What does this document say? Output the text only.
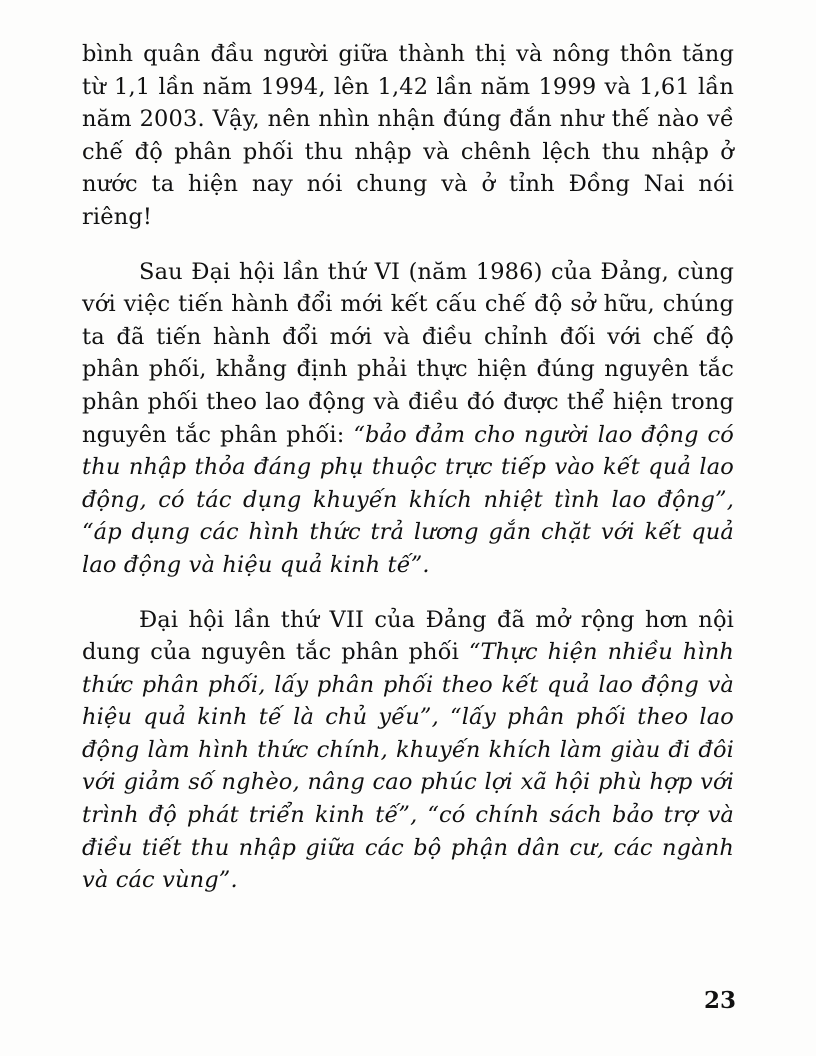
bình quân đầu người giữa thành thị và nông thôn tăng từ 1,1 lần năm 1994, lên 1,42 lần năm 1999 và 1,61 lần năm 2003. Vậy, nên nhìn nhận đúng đắn như thế nào về chế độ phân phối thu nhập và chênh lệch thu nhập ở nước ta hiện nay nói chung và ở tỉnh Đồng Nai nói riêng!

Sau Đại hội lần thứ VI (năm 1986) của Đảng, cùng với việc tiến hành đổi mới kết cấu chế độ sở hữu, chúng ta đã tiến hành đổi mới và điều chỉnh đối với chế độ phân phối, khẳng định phải thực hiện đúng nguyên tắc phân phối theo lao động và điều đó được thể hiện trong nguyên tắc phân phối: “bảo đảm cho người lao động có thu nhập thỏa đáng phụ thuộc trực tiếp vào kết quả lao động, có tác dụng khuyến khích nhiệt tình lao động”, “áp dụng các hình thức trả lương gắn chặt với kết quả lao động và hiệu quả kinh tế”.

Đại hội lần thứ VII của Đảng đã mở rộng hơn nội dung của nguyên tắc phân phối “Thực hiện nhiều hình thức phân phối, lấy phân phối theo kết quả lao động và hiệu quả kinh tế là chủ yếu”, “lấy phân phối theo lao động làm hình thức chính, khuyến khích làm giàu đi đôi với giảm số nghèo, nâng cao phúc lợi xã hội phù hợp với trình độ phát triển kinh tế”, “có chính sách bảo trợ và điều tiết thu nhập giữa các bộ phận dân cư, các ngành và các vùng”.

23
